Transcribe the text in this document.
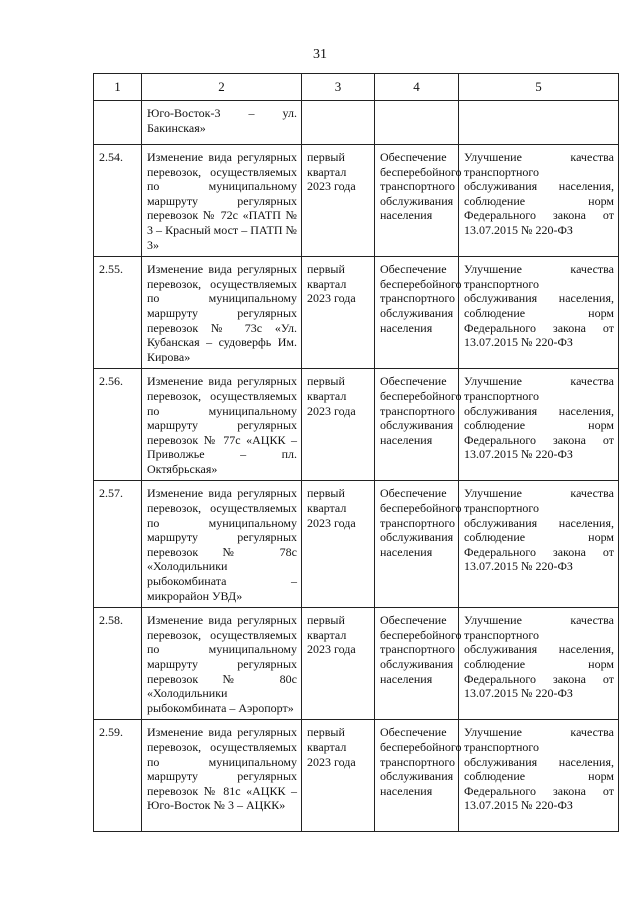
31
1	2	3	4	5
	Юго-Восток-3 – ул. Бакинская»			
2.54.	Изменение вида регулярных перевозок, осуществляемых по муниципальному маршруту регулярных перевозок № 72с «ПАТП № 3 – Красный мост – ПАТП № 3»	первый квартал 2023 года	Обеспечение бесперебойного транспортного обслуживания населения	Улучшение качества транспортного обслуживания населения, соблюдение норм Федерального закона от 13.07.2015 № 220-ФЗ
2.55.	Изменение вида регулярных перевозок, осуществляемых по муниципальному маршруту регулярных перевозок № 73с «Ул. Кубанская – судоверфь Им. Кирова»	первый квартал 2023 года	Обеспечение бесперебойного транспортного обслуживания населения	Улучшение качества транспортного обслуживания населения, соблюдение норм Федерального закона от 13.07.2015 № 220-ФЗ
2.56.	Изменение вида регулярных перевозок, осуществляемых по муниципальному маршруту регулярных перевозок № 77с «АЦКК – Приволжье – пл. Октябрьская»	первый квартал 2023 года	Обеспечение бесперебойного транспортного обслуживания населения	Улучшение качества транспортного обслуживания населения, соблюдение норм Федерального закона от 13.07.2015 № 220-ФЗ
2.57.	Изменение вида регулярных перевозок, осуществляемых по муниципальному маршруту регулярных перевозок № 78с «Холодильники рыбокомбината – микрорайон УВД»	первый квартал 2023 года	Обеспечение бесперебойного транспортного обслуживания населения	Улучшение качества транспортного обслуживания населения, соблюдение норм Федерального закона от 13.07.2015 № 220-ФЗ
2.58.	Изменение вида регулярных перевозок, осуществляемых по муниципальному маршруту регулярных перевозок № 80с «Холодильники рыбокомбината – Аэропорт»	первый квартал 2023 года	Обеспечение бесперебойного транспортного обслуживания населения	Улучшение качества транспортного обслуживания населения, соблюдение норм Федерального закона от 13.07.2015 № 220-ФЗ
2.59.	Изменение вида регулярных перевозок, осуществляемых по муниципальному маршруту регулярных перевозок № 81с «АЦКК – Юго-Восток № 3 – АЦКК»	первый квартал 2023 года	Обеспечение бесперебойного транспортного обслуживания населения	Улучшение качества транспортного обслуживания населения, соблюдение норм Федерального закона от 13.07.2015 № 220-ФЗ
